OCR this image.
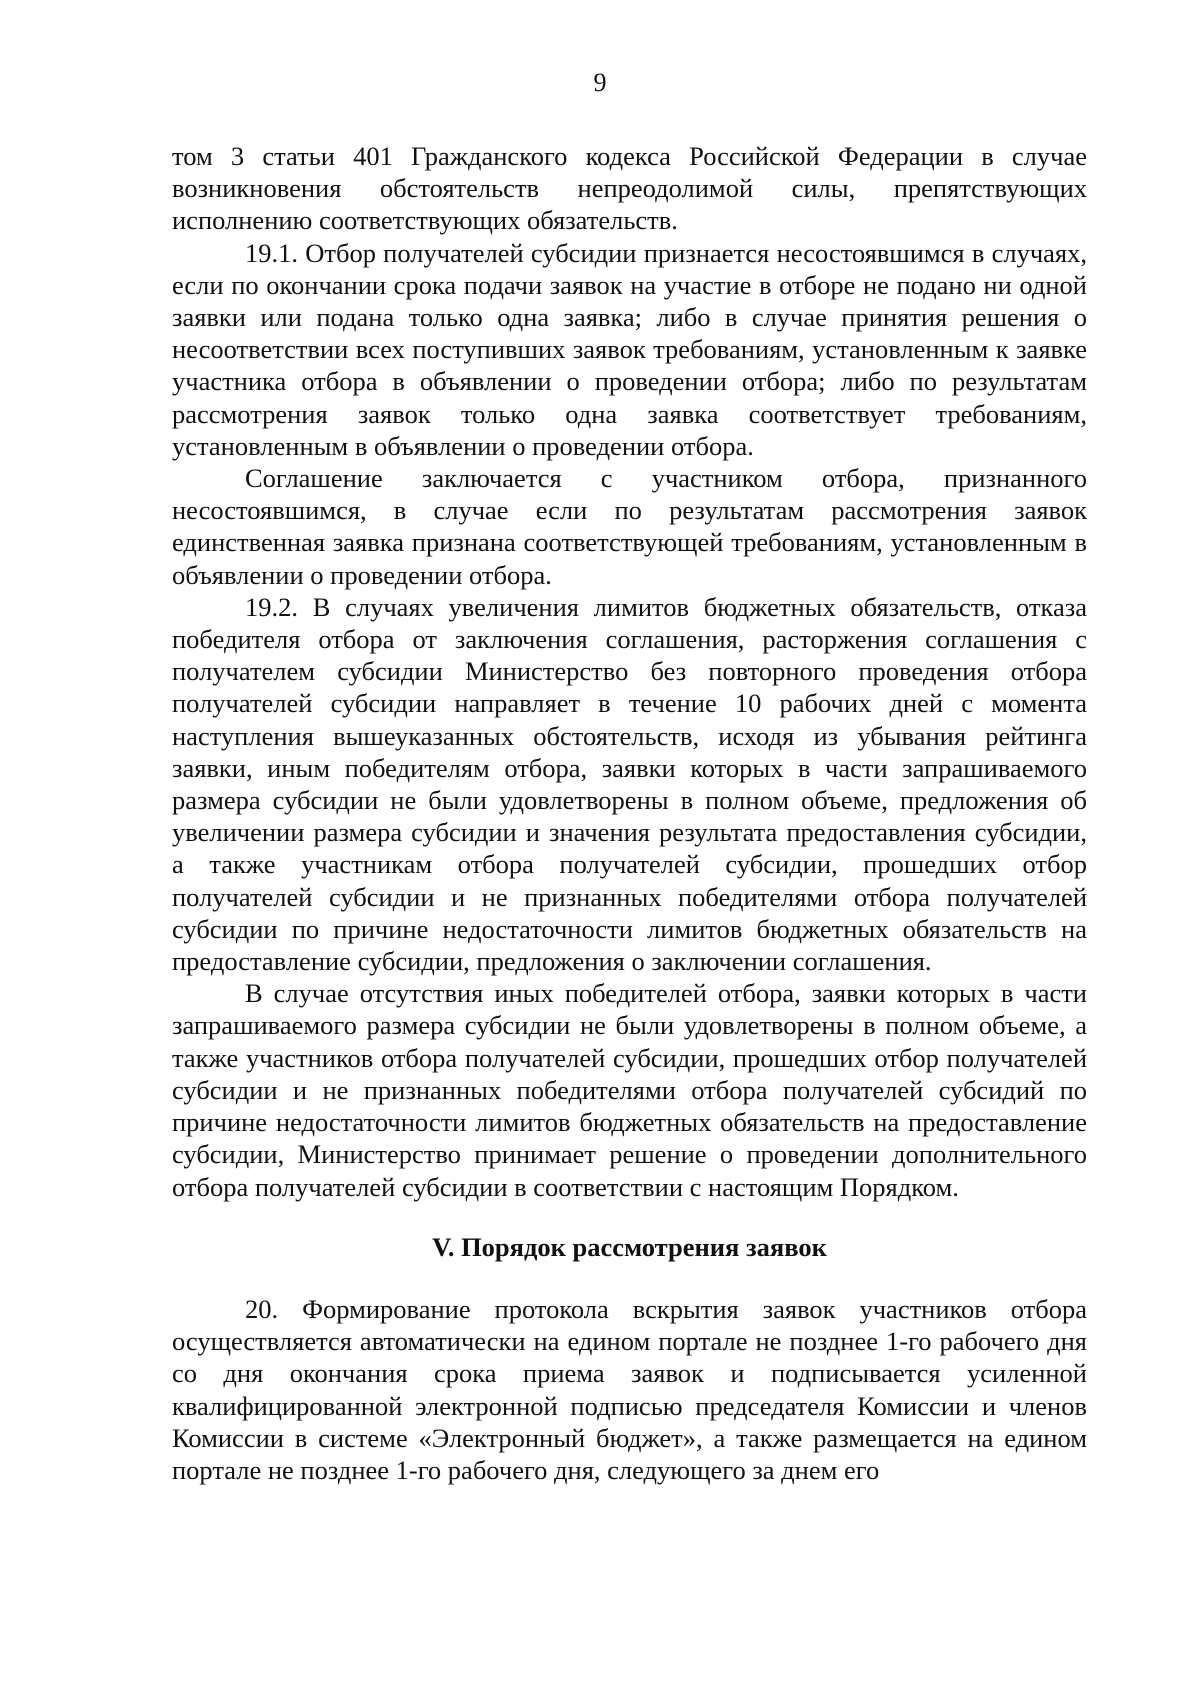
9

том 3 статьи 401 Гражданского кодекса Российской Федерации в случае возникновения обстоятельств непреодолимой силы, препятствующих исполнению соответствующих обязательств.

19.1. Отбор получателей субсидии признается несостоявшимся в случаях, если по окончании срока подачи заявок на участие в отборе не подано ни одной заявки или подана только одна заявка; либо в случае принятия решения о несоответствии всех поступивших заявок требованиям, установленным к заявке участника отбора в объявлении о проведении отбора; либо по результатам рассмотрения заявок только одна заявка соответствует требованиям, установленным в объявлении о проведении отбора.

Соглашение заключается с участником отбора, признанного несостоявшимся, в случае если по результатам рассмотрения заявок единственная заявка признана соответствующей требованиям, установленным в объявлении о проведении отбора.

19.2. В случаях увеличения лимитов бюджетных обязательств, отказа победителя отбора от заключения соглашения, расторжения соглашения с получателем субсидии Министерство без повторного проведения отбора получателей субсидии направляет в течение 10 рабочих дней с момента наступления вышеуказанных обстоятельств, исходя из убывания рейтинга заявки, иным победителям отбора, заявки которых в части запрашиваемого размера субсидии не были удовлетворены в полном объеме, предложения об увеличении размера субсидии и значения результата предоставления субсидии, а также участникам отбора получателей субсидии, прошедших отбор получателей субсидии и не признанных победителями отбора получателей субсидии по причине недостаточности лимитов бюджетных обязательств на предоставление субсидии, предложения о заключении соглашения.

В случае отсутствия иных победителей отбора, заявки которых в части запрашиваемого размера субсидии не были удовлетворены в полном объеме, а также участников отбора получателей субсидии, прошедших отбор получателей субсидии и не признанных победителями отбора получателей субсидий по причине недостаточности лимитов бюджетных обязательств на предоставление субсидии, Министерство принимает решение о проведении дополнительного отбора получателей субсидии в соответствии с настоящим Порядком.

V. Порядок рассмотрения заявок

20. Формирование протокола вскрытия заявок участников отбора осуществляется автоматически на едином портале не позднее 1-го рабочего дня со дня окончания срока приема заявок и подписывается усиленной квалифицированной электронной подписью председателя Комиссии и членов Комиссии в системе «Электронный бюджет», а также размещается на едином портале не позднее 1-го рабочего дня, следующего за днем его
